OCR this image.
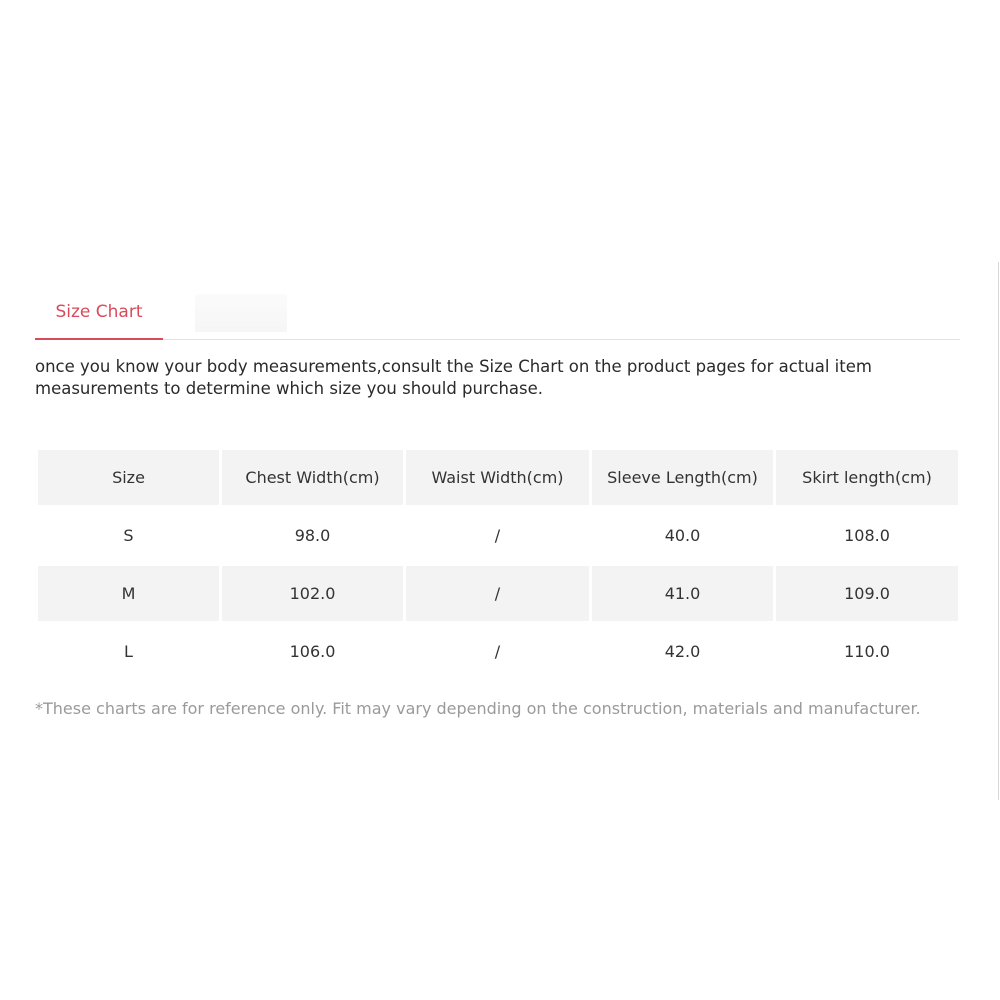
Size Chart
once you know your body measurements,consult the Size Chart on the product pages for actual item measurements to determine which size you should purchase.
Size	Chest Width(cm)	Waist Width(cm)	Sleeve Length(cm)	Skirt length(cm)
S	98.0	/	40.0	108.0
M	102.0	/	41.0	109.0
L	106.0	/	42.0	110.0
*These charts are for reference only. Fit may vary depending on the construction, materials and manufacturer.
